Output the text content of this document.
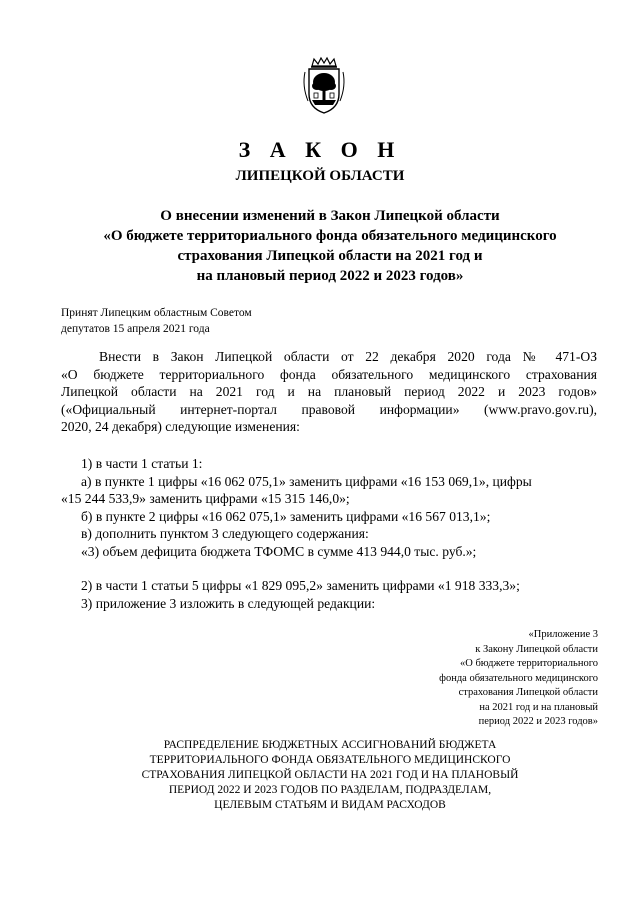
З А К О Н
ЛИПЕЦКОЙ ОБЛАСТИ
О внесении изменений в Закон Липецкой области
«О бюджете территориального фонда обязательного медицинского
страхования Липецкой области на 2021 год и
на плановый период 2022 и 2023 годов»
Принят Липецким областным Советом
депутатов 15 апреля 2021 года
Внести в Закон Липецкой области от 22 декабря 2020 года № 471-ОЗ
«О бюджете территориального фонда обязательного медицинского страхования
Липецкой области на 2021 год и на плановый период 2022 и 2023 годов»
(«Официальный интернет-портал правовой информации» (www.pravo.gov.ru),
2020, 24 декабря) следующие изменения:
1) в части 1 статьи 1:
а) в пункте 1 цифры «16 062 075,1» заменить цифрами «16 153 069,1», цифры
«15 244 533,9» заменить цифрами «15 315 146,0»;
б) в пункте 2 цифры «16 062 075,1» заменить цифрами «16 567 013,1»;
в) дополнить пунктом 3 следующего содержания:
«3) объем дефицита бюджета ТФОМС в сумме 413 944,0 тыс. руб.»;
2) в части 1 статьи 5 цифры «1 829 095,2» заменить цифрами «1 918 333,3»;
3) приложение 3 изложить в следующей редакции:
«Приложение 3
к Закону Липецкой области
«О бюджете территориального
фонда обязательного медицинского
страхования Липецкой области
на 2021 год и на плановый
период 2022 и 2023 годов»
РАСПРЕДЕЛЕНИЕ БЮДЖЕТНЫХ АССИГНОВАНИЙ БЮДЖЕТА
ТЕРРИТОРИАЛЬНОГО ФОНДА ОБЯЗАТЕЛЬНОГО МЕДИЦИНСКОГО
СТРАХОВАНИЯ ЛИПЕЦКОЙ ОБЛАСТИ НА 2021 ГОД И НА ПЛАНОВЫЙ
ПЕРИОД 2022 И 2023 ГОДОВ ПО РАЗДЕЛАМ, ПОДРАЗДЕЛАМ,
ЦЕЛЕВЫМ СТАТЬЯМ И ВИДАМ РАСХОДОВ
